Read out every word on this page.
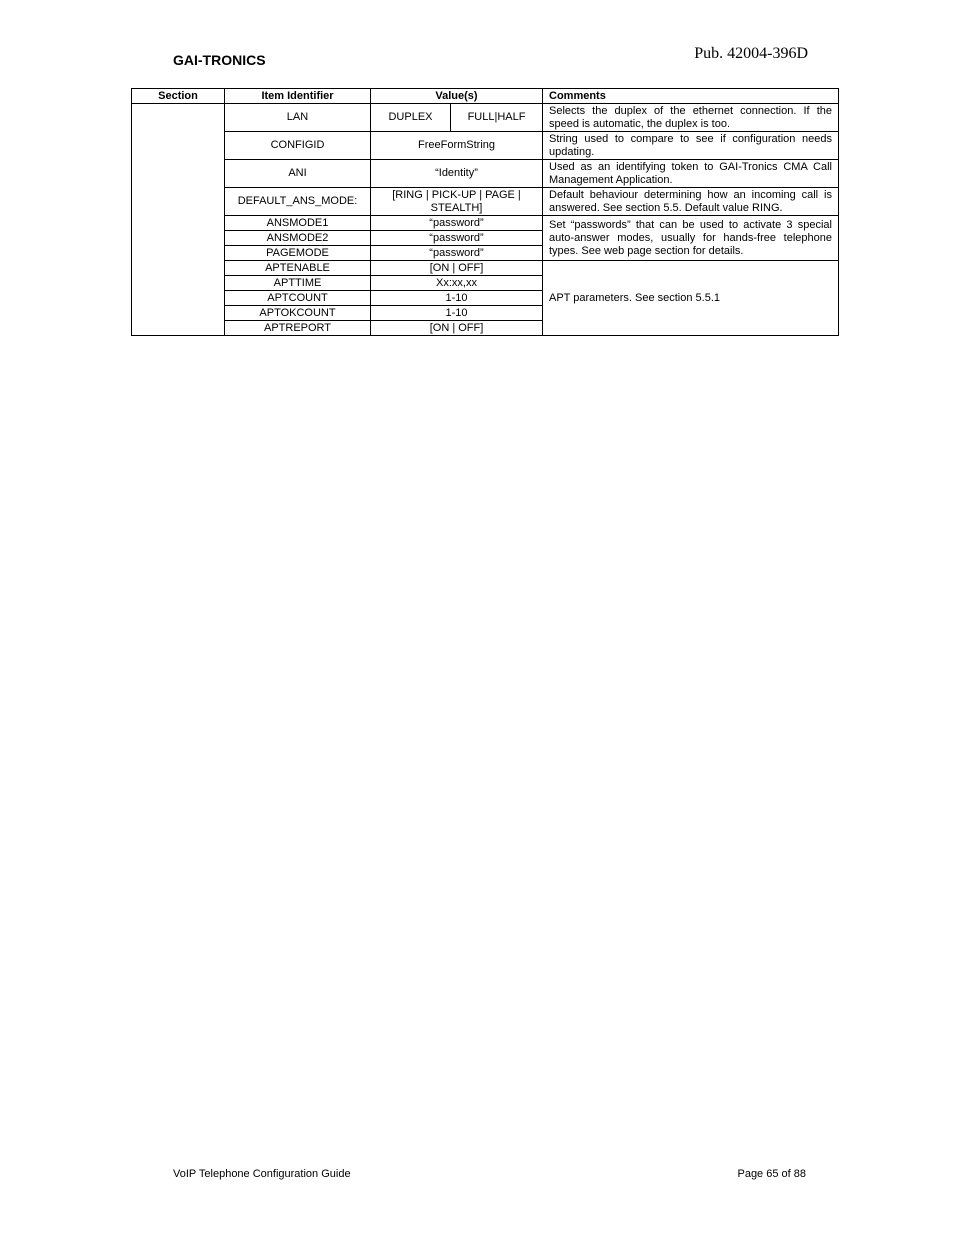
GAI-TRONICS	Pub. 42004-396D
Section	Item Identifier	Value(s)		Comments
	LAN	DUPLEX	FULL|HALF	Selects the duplex of the ethernet connection. If the speed is automatic, the duplex is too.
	CONFIGID	FreeFormString		String used to compare to see if configuration needs updating.
	ANI	“Identity”		Used as an identifying token to GAI-Tronics CMA Call Management Application.
	DEFAULT_ANS_MODE:	[RING | PICK-UP | PAGE | STEALTH]		Default behaviour determining how an incoming call is answered. See section 5.5. Default value RING.
	ANSMODE1	“password”		Set “passwords” that can be used to activate 3 special auto-answer modes, usually for hands-free telephone types. See web page section for details.
	ANSMODE2	“password”		
	PAGEMODE	“password”		
	APTENABLE	[ON | OFF]		APT parameters. See section 5.5.1
	APTTIME	Xx:xx,xx		
	APTCOUNT	1-10		
	APTOKCOUNT	1-10		
	APTREPORT	[ON | OFF]		
VoIP Telephone Configuration Guide	Page 65 of 88
